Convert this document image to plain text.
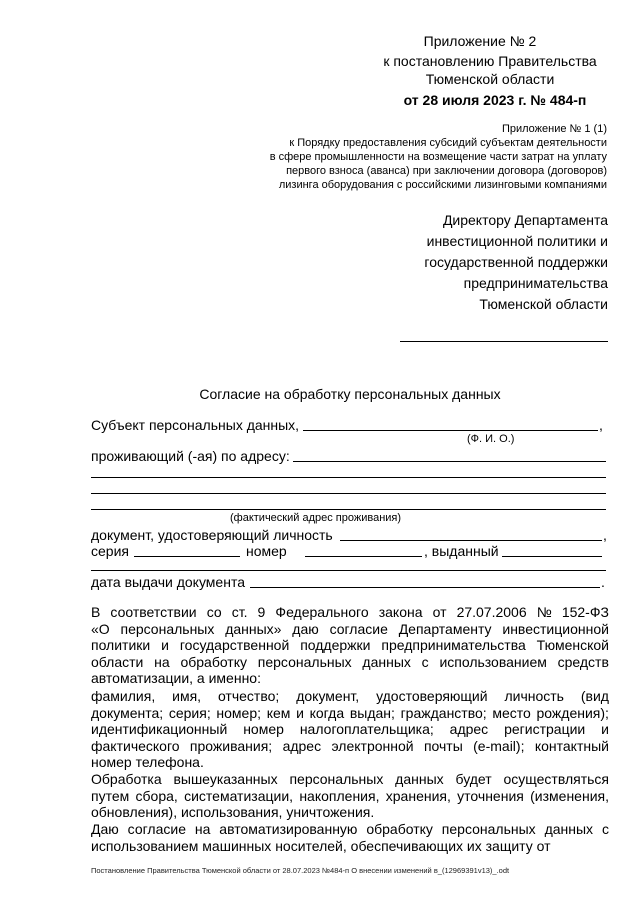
Приложение № 2
к постановлению Правительства
Тюменской области
от 28 июля 2023 г. № 484-п
Приложение № 1 (1)
к Порядку предоставления субсидий субъектам деятельности
в сфере промышленности на возмещение части затрат на уплату
первого взноса (аванса) при заключении договора (договоров)
лизинга оборудования с российскими лизинговыми компаниями
Директору Департамента
инвестиционной политики и
государственной поддержки
предпринимательства
Тюменской области
Согласие на обработку персональных данных
Субъект персональных данных,	,
(Ф. И. О.)
проживающий (-ая) по адресу:
(фактический адрес проживания)
документ, удостоверяющий личность	,
серия	номер	, выданный
дата выдачи документа	.
В соответствии со ст. 9 Федерального закона от 27.07.2006 № 152-ФЗ
«О персональных данных» даю согласие Департаменту инвестиционной
политики и государственной поддержки предпринимательства Тюменской
области на обработку персональных данных с использованием средств
автоматизации, а именно:
фамилия, имя, отчество; документ, удостоверяющий личность (вид
документа; серия; номер; кем и когда выдан; гражданство; место рождения);
идентификационный номер налогоплательщика; адрес регистрации и
фактического проживания; адрес электронной почты (e-mail); контактный
номер телефона.
Обработка вышеуказанных персональных данных будет осуществляться
путем сбора, систематизации, накопления, хранения, уточнения (изменения,
обновления), использования, уничтожения.
Даю согласие на автоматизированную обработку персональных данных с
использованием машинных носителей, обеспечивающих их защиту от
Постановление Правительства Тюменской области от 28.07.2023 №484-п О внесении изменений в_(12969391v13)_.odt
